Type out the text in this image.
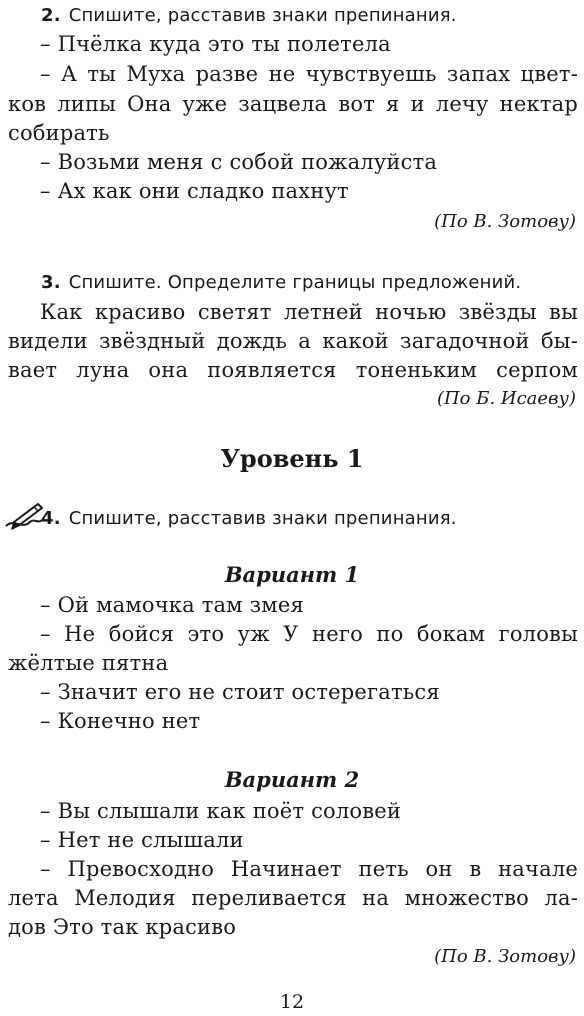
2. Спишите, расставив знаки препинания.
– Пчёлка куда это ты полетела
– А ты Муха разве не чувствуешь запах цвет-
ков липы Она уже зацвела вот я и лечу нектар
собирать
– Возьми меня с собой пожалуйста
– Ах как они сладко пахнут
(По В. Зотову)
3. Спишите. Определите границы предложений.
Как красиво светят летней ночью звёзды вы
видели звёздный дождь а какой загадочной бы-
вает луна она появляется тоненьким серпом
(По Б. Исаеву)
Уровень 1
4. Спишите, расставив знаки препинания.
Вариант 1
– Ой мамочка там змея
– Не бойся это уж У него по бокам головы
жёлтые пятна
– Значит его не стоит остерегаться
– Конечно нет
Вариант 2
– Вы слышали как поёт соловей
– Нет не слышали
– Превосходно Начинает петь он в начале
лета Мелодия переливается на множество ла-
дов Это так красиво
(По В. Зотову)
12
